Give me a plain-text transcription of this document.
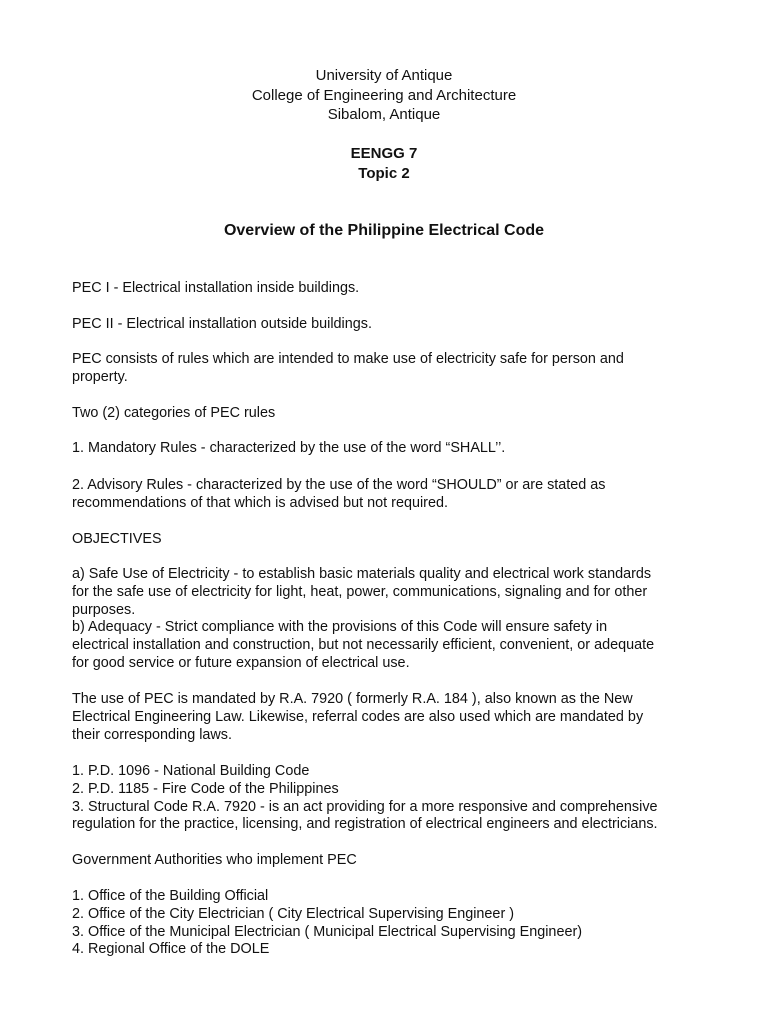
University of Antique
College of Engineering and Architecture
Sibalom, Antique
EENGG 7
Topic 2
Overview of the Philippine Electrical Code
PEC I - Electrical installation inside buildings.
PEC II - Electrical installation outside buildings.
PEC consists of rules which are intended to make use of electricity safe for person and
property.
Two (2) categories of PEC rules
1. Mandatory Rules - characterized by the use of the word “SHALL’’.
2. Advisory Rules - characterized by the use of the word “SHOULD” or are stated as
recommendations of that which is advised but not required.
OBJECTIVES
a) Safe Use of Electricity - to establish basic materials quality and electrical work standards
for the safe use of electricity for light, heat, power, communications, signaling and for other
purposes.
b) Adequacy - Strict compliance with the provisions of this Code will ensure safety in
electrical installation and construction, but not necessarily efficient, convenient, or adequate
for good service or future expansion of electrical use.
The use of PEC is mandated by R.A. 7920 ( formerly R.A. 184 ), also known as the New
Electrical Engineering Law. Likewise, referral codes are also used which are mandated by
their corresponding laws.
1. P.D. 1096 - National Building Code
2. P.D. 1185 - Fire Code of the Philippines
3. Structural Code R.A. 7920 - is an act providing for a more responsive and comprehensive
regulation for the practice, licensing, and registration of electrical engineers and electricians.
Government Authorities who implement PEC
1. Office of the Building Official
2. Office of the City Electrician ( City Electrical Supervising Engineer )
3. Office of the Municipal Electrician ( Municipal Electrical Supervising Engineer)
4. Regional Office of the DOLE
